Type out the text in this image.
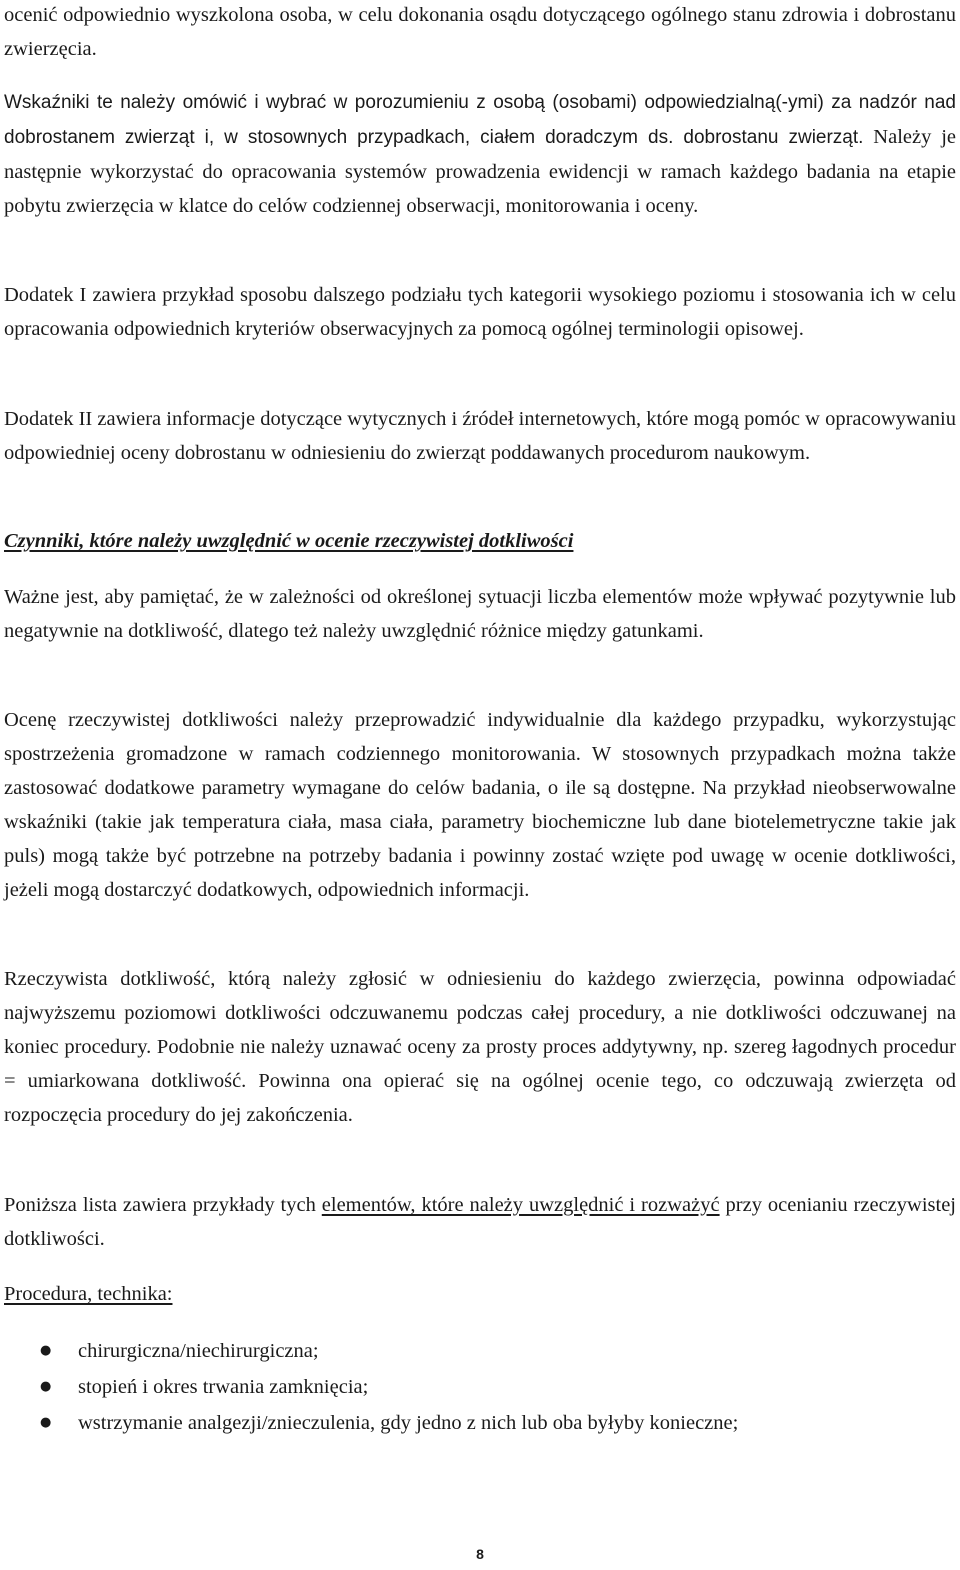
ocenić odpowiednio wyszkolona osoba, w celu dokonania osądu dotyczącego ogólnego stanu zdrowia i dobrostanu zwierzęcia.

Wskaźniki te należy omówić i wybrać w porozumieniu z osobą (osobami) odpowiedzialną(-ymi) za nadzór nad dobrostanem zwierząt i, w stosownych przypadkach, ciałem doradczym ds. dobrostanu zwierząt. Należy je następnie wykorzystać do opracowania systemów prowadzenia ewidencji w ramach każdego badania na etapie pobytu zwierzęcia w klatce do celów codziennej obserwacji, monitorowania i oceny.

Dodatek I zawiera przykład sposobu dalszego podziału tych kategorii wysokiego poziomu i stosowania ich w celu opracowania odpowiednich kryteriów obserwacyjnych za pomocą ogólnej terminologii opisowej.

Dodatek II zawiera informacje dotyczące wytycznych i źródeł internetowych, które mogą pomóc w opracowywaniu odpowiedniej oceny dobrostanu w odniesieniu do zwierząt poddawanych procedurom naukowym.

Czynniki, które należy uwzględnić w ocenie rzeczywistej dotkliwości

Ważne jest, aby pamiętać, że w zależności od określonej sytuacji liczba elementów może wpływać pozytywnie lub negatywnie na dotkliwość, dlatego też należy uwzględnić różnice między gatunkami.

Ocenę rzeczywistej dotkliwości należy przeprowadzić indywidualnie dla każdego przypadku, wykorzystując spostrzeżenia gromadzone w ramach codziennego monitorowania. W stosownych przypadkach można także zastosować dodatkowe parametry wymagane do celów badania, o ile są dostępne. Na przykład nieobserwowalne wskaźniki (takie jak temperatura ciała, masa ciała, parametry biochemiczne lub dane biotelemetryczne takie jak puls) mogą także być potrzebne na potrzeby badania i powinny zostać wzięte pod uwagę w ocenie dotkliwości, jeżeli mogą dostarczyć dodatkowych, odpowiednich informacji.

Rzeczywista dotkliwość, którą należy zgłosić w odniesieniu do każdego zwierzęcia, powinna odpowiadać najwyższemu poziomowi dotkliwości odczuwanemu podczas całej procedury, a nie dotkliwości odczuwanej na koniec procedury. Podobnie nie należy uznawać oceny za prosty proces addytywny, np. szereg łagodnych procedur = umiarkowana dotkliwość. Powinna ona opierać się na ogólnej ocenie tego, co odczuwają zwierzęta od rozpoczęcia procedury do jej zakończenia.

Poniższa lista zawiera przykłady tych elementów, które należy uwzględnić i rozważyć przy ocenianiu rzeczywistej dotkliwości.

Procedura, technika:

● chirurgiczna/niechirurgiczna;
● stopień i okres trwania zamknięcia;
● wstrzymanie analgezji/znieczulenia, gdy jedno z nich lub oba byłyby konieczne;
8
